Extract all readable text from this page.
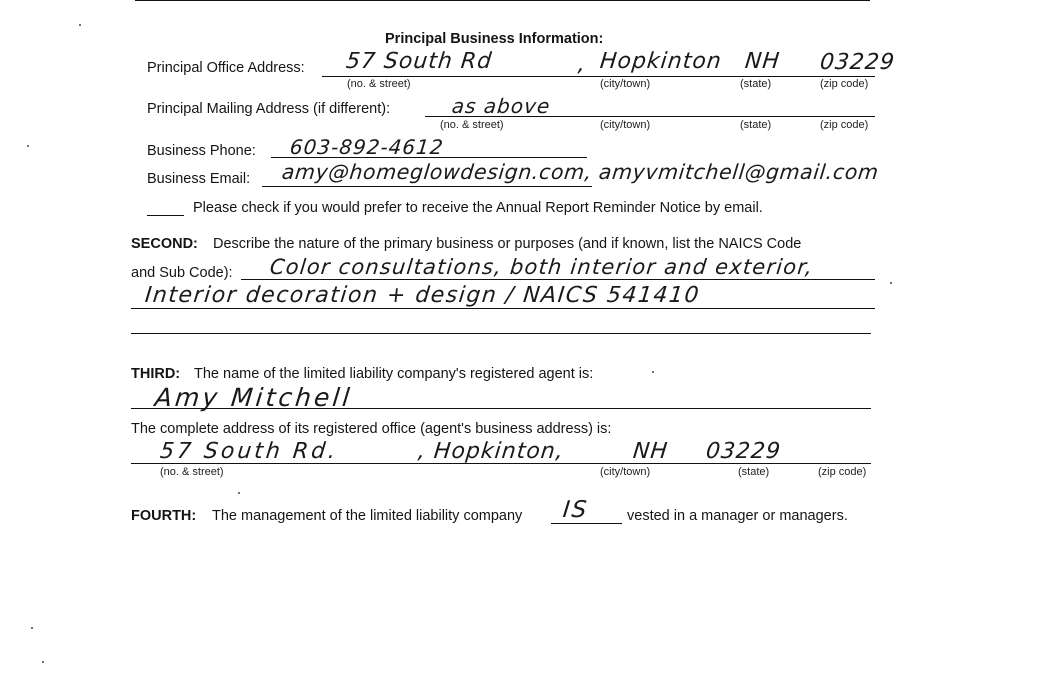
Principal Business Information:
Principal Office Address: 57 South Rd	, Hopkinton NH 03229
(no. & street)	(city/town)	(state)	(zip code)
Principal Mailing Address (if different):	as above
(no. & street)	(city/town)	(state)	(zip code)
Business Phone: 603-892-4612
Business Email: amy@homeglowdesign.com, amyvmitchell@gmail.com
Please check if you would prefer to receive the Annual Report Reminder Notice by email.
SECOND: Describe the nature of the primary business or purposes (and if known, list the NAICS Code
and Sub Code): Color consultations, both interior and exterior,
Interior decoration + design / NAICS 541410
THIRD: The name of the limited liability company's registered agent is:
Amy Mitchell
The complete address of its registered office (agent's business address) is:
57 South Rd.	, Hopkinton,	NH 03229
(no. & street)	(city/town)	(state)	(zip code)
FOURTH: The management of the limited liability company IS	vested in a manager or managers.
